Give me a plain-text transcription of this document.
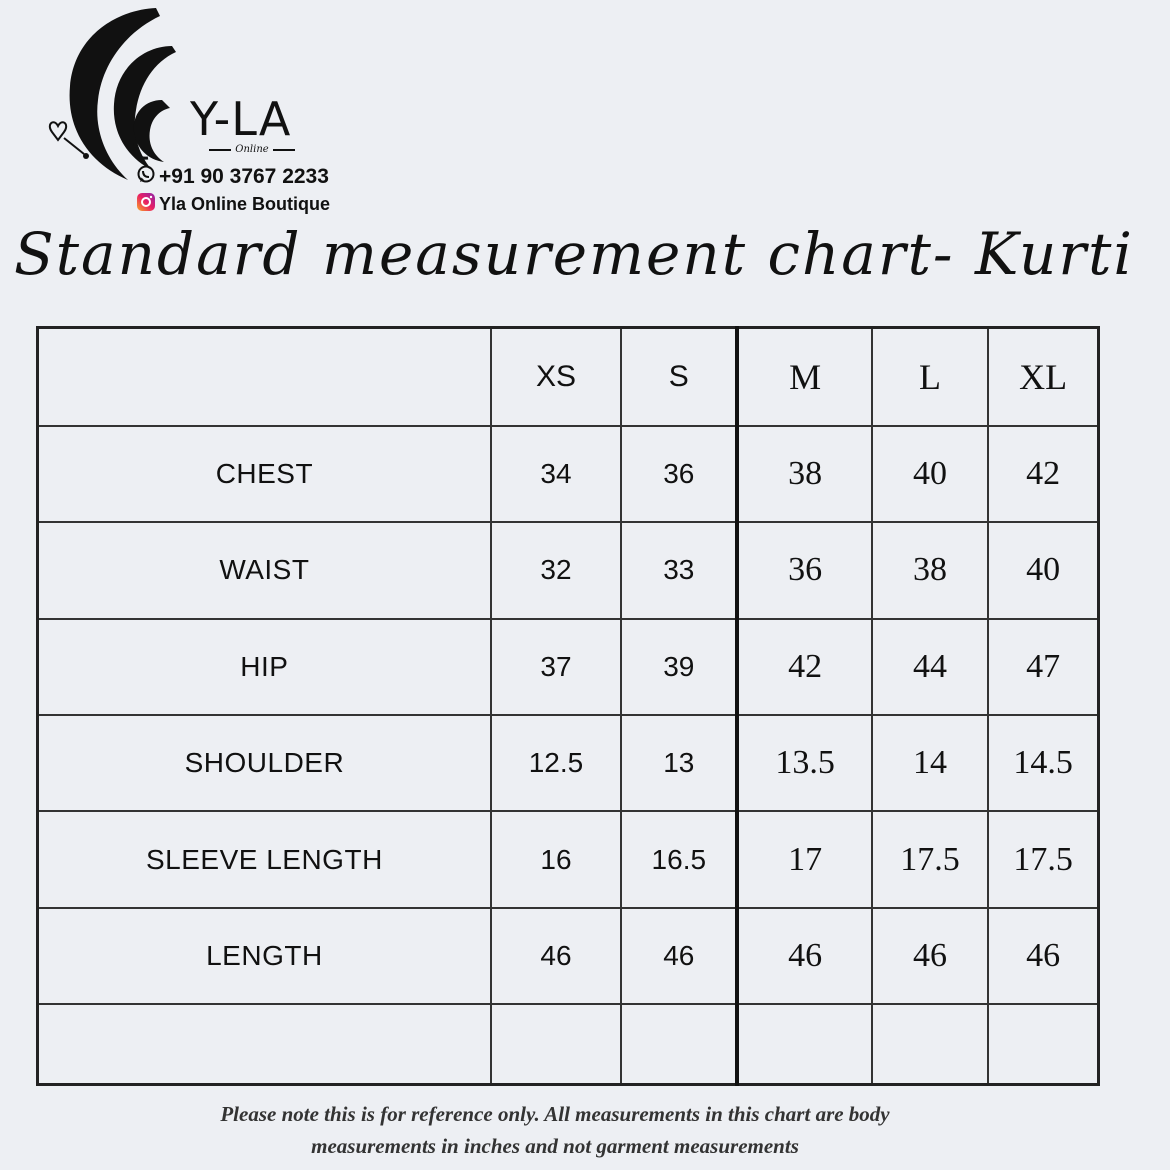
Y-LA
Online
+91 90 3767 2233
Yla Online Boutique
Standard measurement chart- Kurti
	XS	S	M	L	XL
CHEST	34	36	38	40	42
WAIST	32	33	36	38	40
HIP	37	39	42	44	47
SHOULDER	12.5	13	13.5	14	14.5
SLEEVE LENGTH	16	16.5	17	17.5	17.5
LENGTH	46	46	46	46	46

Please note this is for reference only. All measurements in this chart are body
measurements in inches and not garment measurements
